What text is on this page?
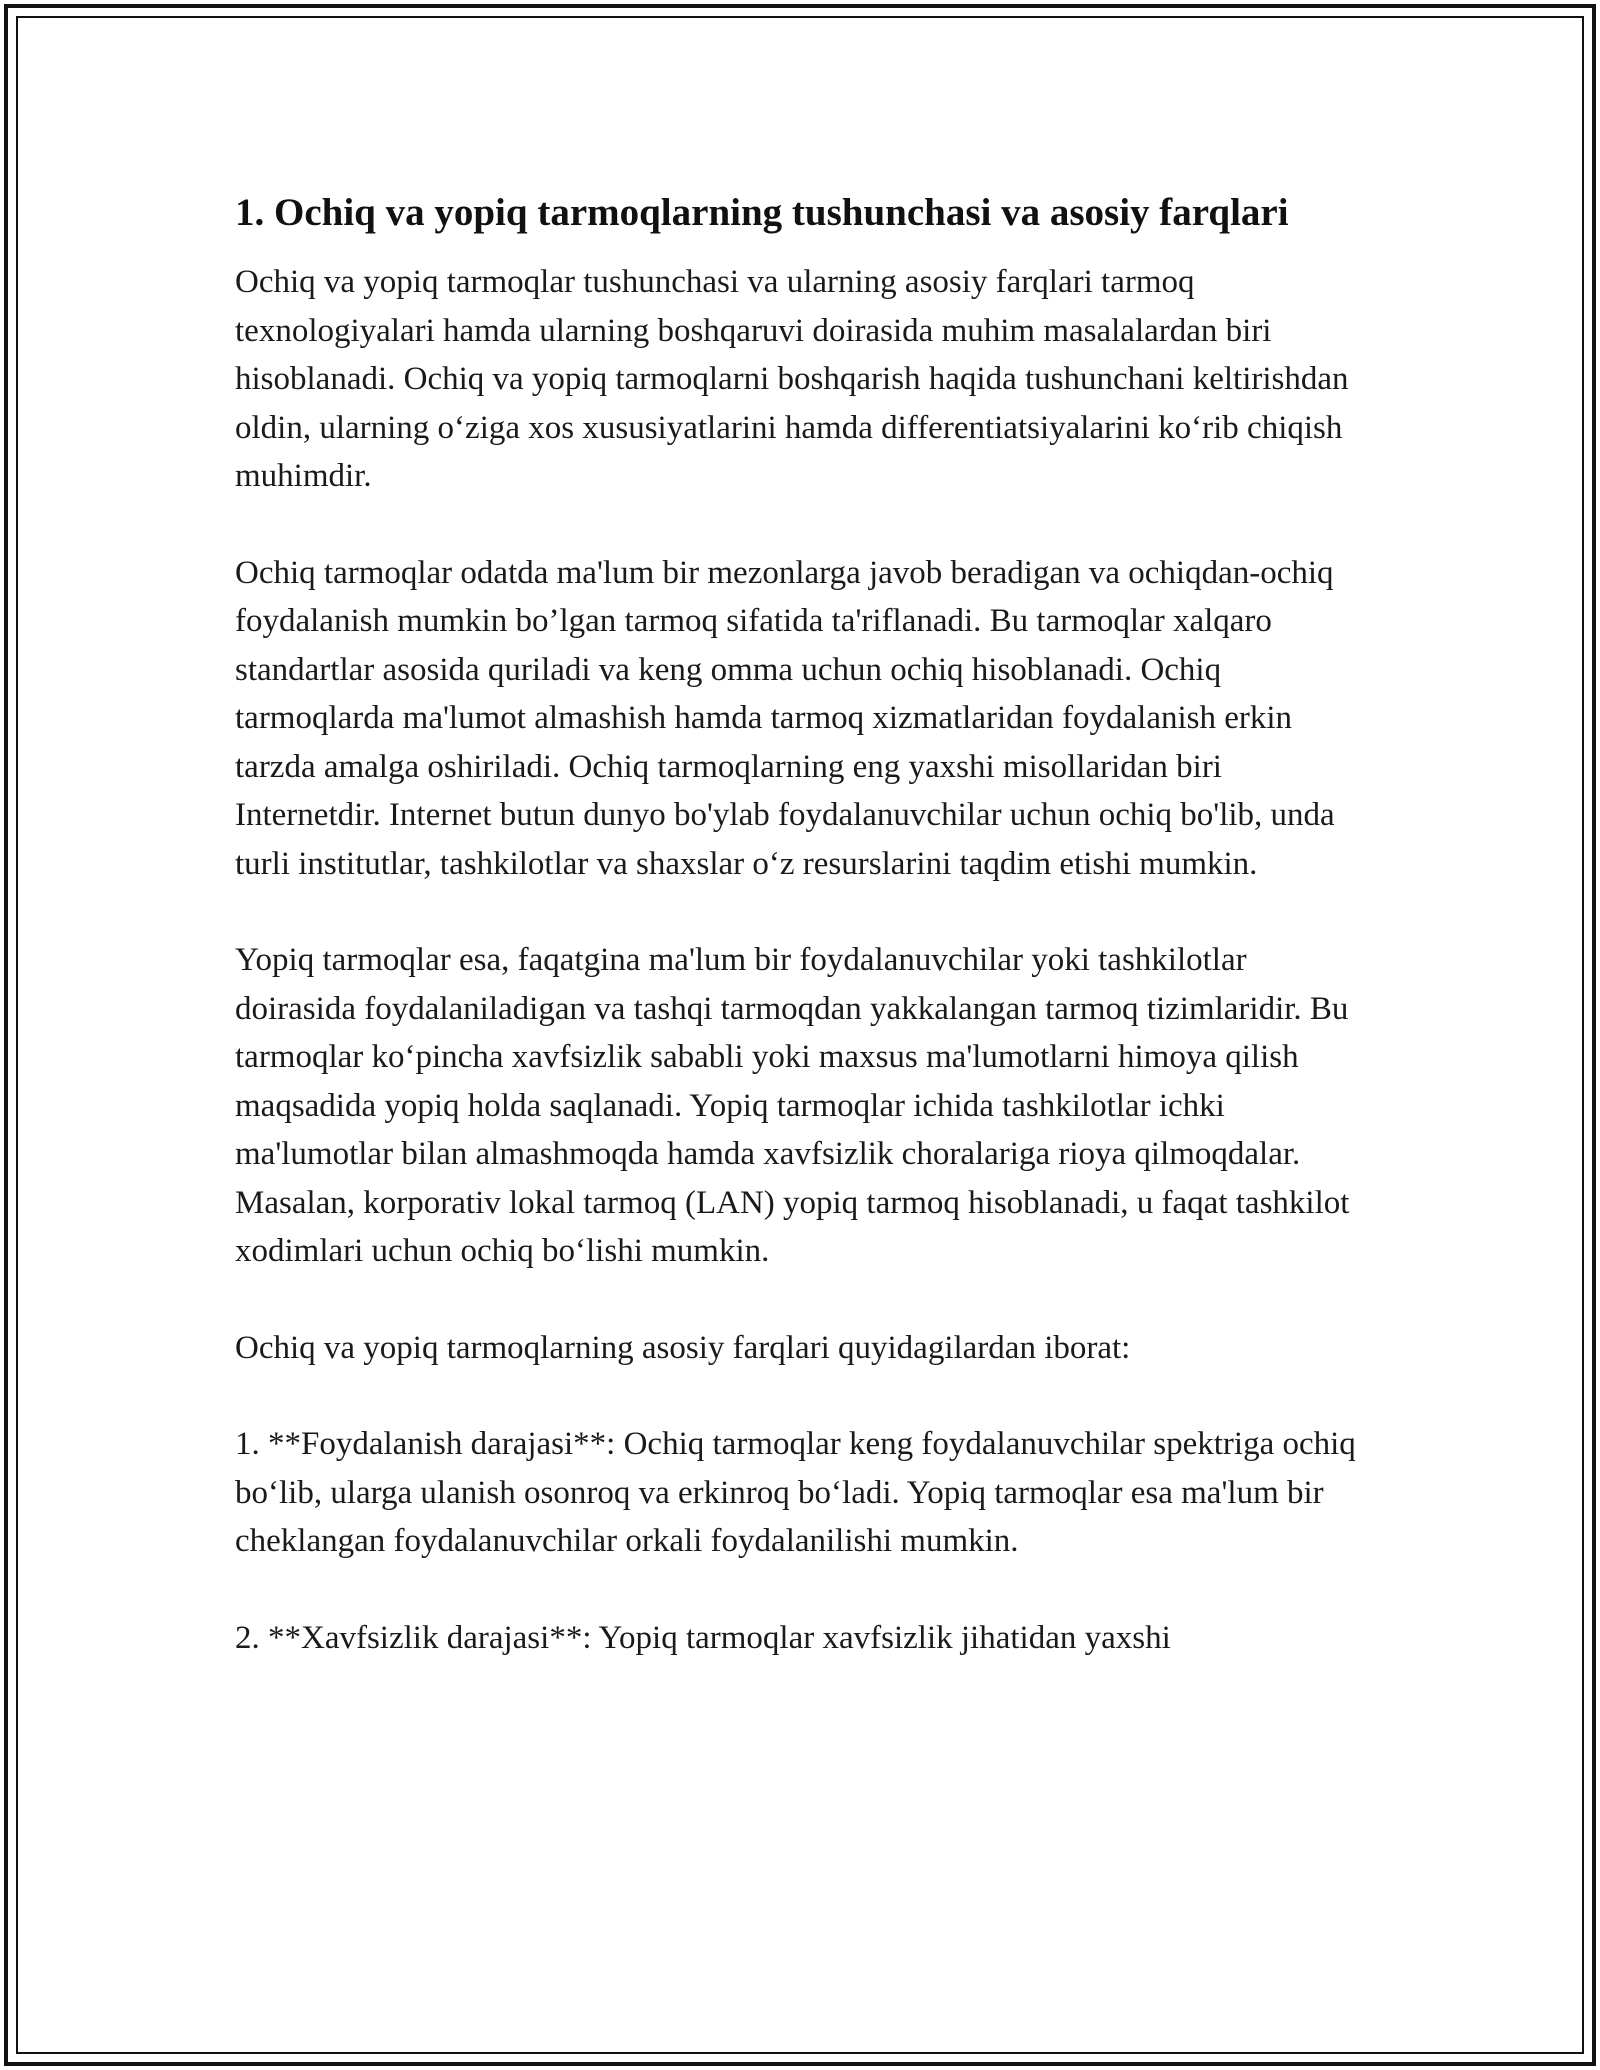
1. Ochiq va yopiq tarmoqlarning tushunchasi va asosiy farqlari

Ochiq va yopiq tarmoqlar tushunchasi va ularning asosiy farqlari tarmoq texnologiyalari hamda ularning boshqaruvi doirasida muhim masalalardan biri hisoblanadi. Ochiq va yopiq tarmoqlarni boshqarish haqida tushunchani keltirishdan oldin, ularning oʻziga xos xususiyatlarini hamda differentiatsiyalarini koʻrib chiqish muhimdir.

Ochiq tarmoqlar odatda ma'lum bir mezonlarga javob beradigan va ochiqdan-ochiq foydalanish mumkin bo’lgan tarmoq sifatida ta'riflanadi. Bu tarmoqlar xalqaro standartlar asosida quriladi va keng omma uchun ochiq hisoblanadi. Ochiq tarmoqlarda ma'lumot almashish hamda tarmoq xizmatlaridan foydalanish erkin tarzda amalga oshiriladi. Ochiq tarmoqlarning eng yaxshi misollaridan biri Internetdir. Internet butun dunyo bo'ylab foydalanuvchilar uchun ochiq bo'lib, unda turli institutlar, tashkilotlar va shaxslar oʻz resurslarini taqdim etishi mumkin.

Yopiq tarmoqlar esa, faqatgina ma'lum bir foydalanuvchilar yoki tashkilotlar doirasida foydalaniladigan va tashqi tarmoqdan yakkalangan tarmoq tizimlaridir. Bu tarmoqlar koʻpincha xavfsizlik sababli yoki maxsus ma'lumotlarni himoya qilish maqsadida yopiq holda saqlanadi. Yopiq tarmoqlar ichida tashkilotlar ichki ma'lumotlar bilan almashmoqda hamda xavfsizlik choralariga rioya qilmoqdalar. Masalan, korporativ lokal tarmoq (LAN) yopiq tarmoq hisoblanadi, u faqat tashkilot xodimlari uchun ochiq boʻlishi mumkin.

Ochiq va yopiq tarmoqlarning asosiy farqlari quyidagilardan iborat:

1. **Foydalanish darajasi**: Ochiq tarmoqlar keng foydalanuvchilar spektriga ochiq boʻlib, ularga ulanish osonroq va erkinroq boʻladi. Yopiq tarmoqlar esa ma'lum bir cheklangan foydalanuvchilar orkali foydalanilishi mumkin.

2. **Xavfsizlik darajasi**: Yopiq tarmoqlar xavfsizlik jihatidan yaxshi
